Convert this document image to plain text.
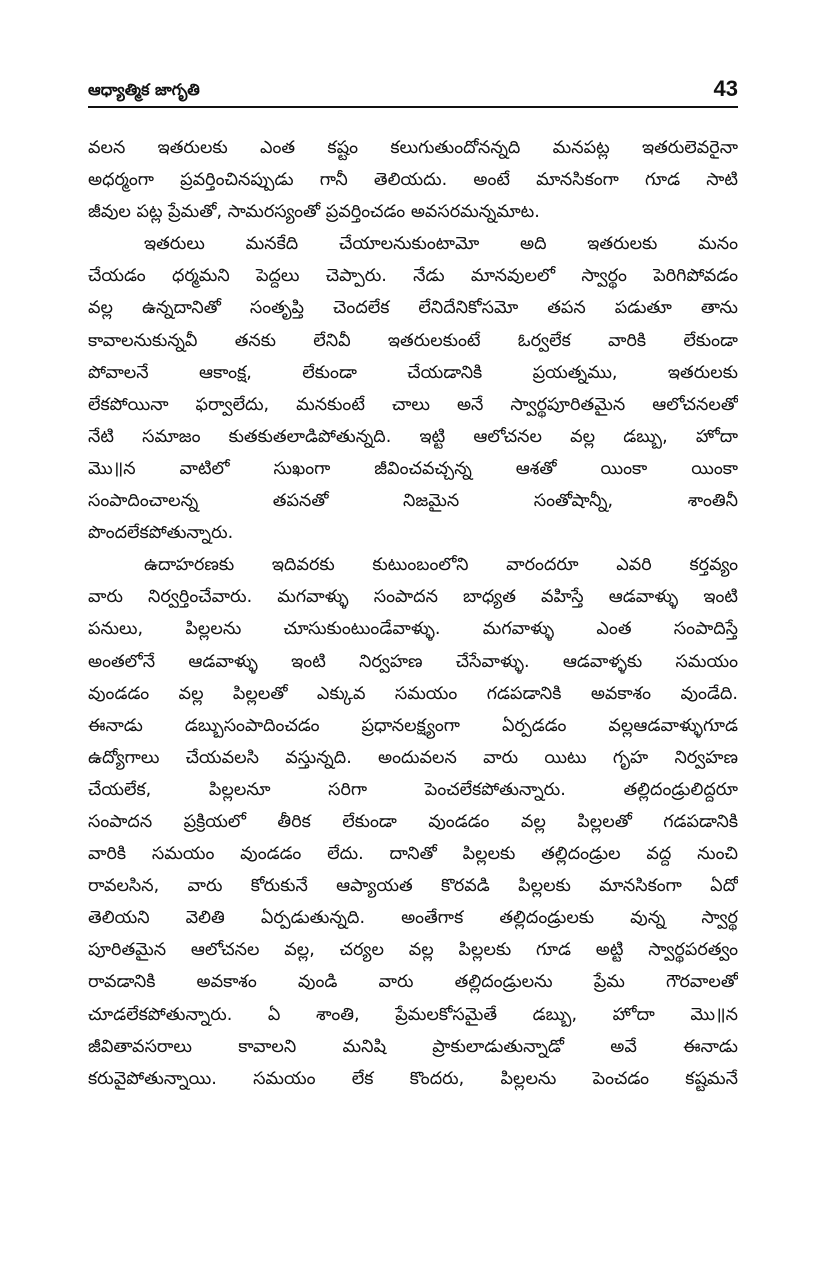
ఆధ్యాత్మిక జాగృతి	43
వలన ఇతరులకు ఎంత కష్టం కలుగుతుందోనన్నది మనపట్ల ఇతరులెవరైనా
అధర్మంగా ప్రవర్తించినప్పుడు గానీ తెలియదు. అంటే మానసికంగా గూడ సాటి
జీవుల పట్ల ప్రేమతో, సామరస్యంతో ప్రవర్తించడం అవసరమన్నమాట.
ఇతరులు మనకేది చేయాలనుకుంటామో అది ఇతరులకు మనం
చేయడం ధర్మమని పెద్దలు చెప్పారు. నేడు మానవులలో స్వార్థం పెరిగిపోవడం
వల్ల ఉన్నదానితో సంతృప్తి చెందలేక లేనిదేనికోసమో తపన పడుతూ తాను
కావాలనుకున్నవీ తనకు లేనివీ ఇతరులకుంటే ఓర్వలేక వారికి లేకుండా
పోవాలనే ఆకాంక్ష, లేకుండా చేయడానికి ప్రయత్నము, ఇతరులకు
లేకపోయినా ఫర్వాలేదు, మనకుంటే చాలు అనే స్వార్థపూరితమైన ఆలోచనలతో
నేటి సమాజం కుతకుతలాడిపోతున్నది. ఇట్టి ఆలోచనల వల్ల డబ్బు, హోదా
మొ॥న వాటిలో సుఖంగా జీవించవచ్చన్న ఆశతో యింకా యింకా
సంపాదించాలన్న తపనతో నిజమైన సంతోషాన్నీ, శాంతినీ
పొందలేకపోతున్నారు.
ఉదాహరణకు ఇదివరకు కుటుంబంలోని వారందరూ ఎవరి కర్తవ్యం
వారు నిర్వర్తించేవారు. మగవాళ్ళు సంపాదన బాధ్యత వహిస్తే ఆడవాళ్ళు ఇంటి
పనులు, పిల్లలను చూసుకుంటుండేవాళ్ళు. మగవాళ్ళు ఎంత సంపాదిస్తే
అంతలోనే ఆడవాళ్ళు ఇంటి నిర్వహణ చేసేవాళ్ళు. ఆడవాళ్ళకు సమయం
వుండడం వల్ల పిల్లలతో ఎక్కువ సమయం గడపడానికి అవకాశం వుండేది.
ఈనాడు డబ్బుసంపాదించడం ప్రధానలక్ష్యంగా ఏర్పడడం వల్లఆడవాళ్ళుగూడ
ఉద్యోగాలు చేయవలసి వస్తున్నది. అందువలన వారు యిటు గృహ నిర్వహణ
చేయలేక, పిల్లలనూ సరిగా పెంచలేకపోతున్నారు. తల్లిదండ్రులిద్దరూ
సంపాదన ప్రక్రియలో తీరిక లేకుండా వుండడం వల్ల పిల్లలతో గడపడానికి
వారికి సమయం వుండడం లేదు. దానితో పిల్లలకు తల్లిదండ్రుల వద్ద నుంచి
రావలసిన, వారు కోరుకునే ఆప్యాయత కొరవడి పిల్లలకు మానసికంగా ఏదో
తెలియని వెలితి ఏర్పడుతున్నది. అంతేగాక తల్లిదండ్రులకు వున్న స్వార్థ
పూరితమైన ఆలోచనల వల్ల, చర్యల వల్ల పిల్లలకు గూడ అట్టి స్వార్థపరత్వం
రావడానికి అవకాశం వుండి వారు తల్లిదండ్రులను ప్రేమ గౌరవాలతో
చూడలేకపోతున్నారు. ఏ శాంతి, ప్రేమలకోసమైతే డబ్బు, హోదా మొ॥న
జీవితావసరాలు కావాలని మనిషి ప్రాకులాడుతున్నాడో అవే ఈనాడు
కరువైపోతున్నాయి. సమయం లేక కొందరు, పిల్లలను పెంచడం కష్టమనే
